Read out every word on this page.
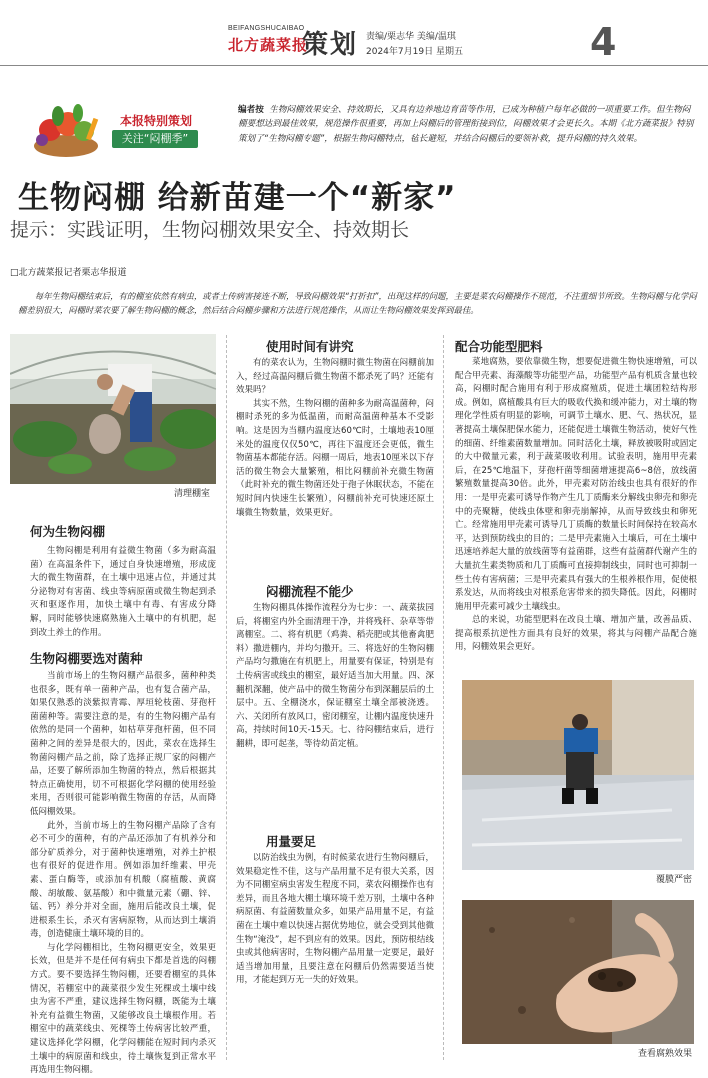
BEIFANGSHUCAIBAO
北方蔬菜报
策划 责编/栗志华 美编/温琪
2024年7月19日 星期五	4
本报特别策划
关注“闷棚季”
编者按 生物闷棚效果安全、持效期长，又具有边养地边育苗等作用，已成为种植户每年必做的一项重要工作。但生物闷棚要想达到最佳效果，规范操作很重要，再加上闷棚后的管理衔接到位，闷棚效果才会更长久。本期《北方蔬菜报》特别策划了“生物闷棚专题”，根据生物闷棚特点，毡长避短，并结合闷棚后的要领补救，提升闷棚的持久效果。
生物闷棚 给新苗建一个“新家”
提示：实践证明，生物闷棚效果安全、持效期长
□北方蔬菜报记者栗志华报道

每年生物闷棚结束后，有的棚室依然有病虫，或者土传病害接连不断，导致闷棚效果“打折扣”，出现这样的问题，主要是菜农闷棚操作不规范，不注重细节所致。生物闷棚与化学闷棚差别很大，闷棚时菜农要了解生物闷棚的概念，然后结合闷棚步骤和方法进行规范操作，从而让生物闷棚效果发挥到最佳。

清理棚室
何为生物闷棚

生物闷棚是利用有益微生物菌（多为耐高温菌）在高温条件下，通过自身快速增殖，形成庞大的微生物菌群，在土壤中迅速占位，并通过其分泌物对有害菌、线虫等病原菌或微生物起到杀灭和驱逐作用，加快土壤中有毒、有害成分降解，同时能够快速腐熟施入土壤中的有机肥，起到改土养土的作用。

生物闷棚要选对菌种

当前市场上的生物闷棚产品很多，菌种种类也很多，既有单一菌种产品，也有复合菌产品，如果仅熟悉的淡紫拟青霉、厚垣轮枝菌、芽孢杆菌菌种等。需要注意的是，有的生物闷棚产品有依然的是同一个菌种，如枯草芽孢杆菌，但不同菌种之间的差异是很大的，因此，菜农在选择生物菌闷棚产品之前，除了选择正规厂家的闷棚产品，还要了解所添加生物菌的特点，然后根据其特点正确使用，切不可根据化学闷棚的使用经验来用，否则很可能影响微生物菌的存活，从而降低闷棚效果。

此外，当前市场上的生物闷棚产品除了含有必不可少的菌种，有的产品还添加了有机养分和部分矿质养分，对于菌种快速增殖，对养土护根也有很好的促进作用。例如添加纤维素、甲壳素、蛋白酶等，或添加有机酸（腐植酸、黄腐酸、胡敏酸、氨基酸）和中微量元素（硼、锌、锰、钙）养分并对全面，施用后能改良土壤，促进根系生长，杀灭有害病原物，从而达到土壤消毒，创造健康土壤环境的目的。

与化学闷棚相比，生物闷棚更安全，效果更长效，但是并不是任何有病虫下都是首选的闷棚方式。要不要选择生物闷棚，还要看棚室的具体情况，若棚室中的蔬菜很少发生死棵或土壤中线虫为害不严重，建议选择生物闷棚，既能为土壤补充有益微生物菌，又能够改良土壤根作用。若棚室中的蔬菜线虫、死棵等土传病害比较严重，建议选择化学闷棚，化学闷棚能在短时间内杀灭土壤中的病原菌和线虫，待土壤恢复到正常水平再选用生物闷棚。

使用时间有讲究

有的菜农认为，生物闷棚时微生物菌在闷棚前加入，经过高温闷棚后微生物菌不都杀死了吗？还能有效果吗？

其实不然，生物闷棚的菌种多为耐高温菌种，闷棚时杀死的多为低温菌，而耐高温菌种基本不受影响。这是因为当棚内温度达60℃时，土壤地表10厘米处的温度仅仅50℃，再往下温度还会更低，微生物菌基本都能存活。闷棚一周后，地表10厘米以下存活的微生物会大量繁殖，相比闷棚前补充微生物菌（此时补充的微生物菌还处于孢子休眠状态，不能在短时间内快速生长繁殖），闷棚前补充可快速还原土壤微生物数量，效果更好。

闷棚流程不能少

生物闷棚具体操作流程分为七步：一、蔬菜拔园后，将棚室内外全面清理干净，并将残秆、杂草等带离棚室。二、将有机肥（鸡粪、稻壳肥或其他畜禽肥料）撒进棚内，并均匀撒开。三、将选好的生物闷棚产品均匀撒施在有机肥上，用量要有保证，特别是有土传病害或线虫的棚室，最好适当加大用量。四、深翻机深翻，使产品中的微生物菌分布到深翻层后的土层中。五、全棚浇水，保证棚室土壤全部被浇透。六、关闭所有放风口，密闭棚室，让棚内温度快速升高，持续时间10天-15天。七、待闷棚结束后，进行翻耕，即可起垄，等待幼苗定植。

用量要足

以防治线虫为例，有时候菜农进行生物闷棚后，效果稳定性不佳，这与产品用量不足有很大关系，因为不同棚室病虫害发生程度不同，菜农闷棚操作也有差异，而且各地大棚土壤环境千差万别，土壤中各种病原菌、有益菌数量众多，如果产品用量不足，有益菌在土壤中难以快速占据优势地位，就会受到其他微生物“淹没”，起不到应有的效果。因此，预防根结线虫或其他病害时，生物闷棚产品用量一定要足，最好适当增加用量，且要注意在闷棚后仍然需要适当使用，才能起到万无一失的好效果。

配合功能型肥料

菜地腐熟，要依靠微生物，想要促进微生物快速增殖，可以配合甲壳素、海藻酸等功能型产品，功能型产品有机质含量也较高，闷棚时配合施用有利于形成腐殖质，促进土壤团粒结构形成。例如，腐植酸具有巨大的吸收代换和缓冲能力，对土壤的物理化学性质有明显的影响，可调节土壤水、肥、气、热状况，显著提高土壤保肥保水能力，还能促进土壤微生物活动，使好气性的细菌、纤维素菌数量增加。同时活化土壤，释放被吸附或固定的大中微量元素，利于蔬菜吸收利用。试验表明，施用甲壳素后，在25℃地温下，芽孢杆菌等细菌增速提高6~8倍，放线菌繁殖数量提高30倍。此外，甲壳素对防治线虫也具有很好的作用：一是甲壳素可诱导作物产生几丁质酶来分解线虫卵壳和卵壳中的壳聚糖，使线虫体壁和卵壳崩解掉，从而导致线虫和卵死亡。经常施用甲壳素可诱导几丁质酶的数量长时间保持在较高水平，达到预防线虫的目的；二是甲壳素施入土壤后，可在土壤中迅速培养起大量的放线菌等有益菌群，这些有益菌群代谢产生的大量抗生素类物质和几丁质酶可直接抑制线虫，同时也可抑制一些土传有害病菌；三是甲壳素具有强大的生根养根作用，促使根系发达，从而将线虫对根系危害带来的损失降低。因此，闷棚时施用甲壳素可减少土壤线虫。

总的来说，功能型肥料在改良土壤、增加产量，改善品质、提高根系抗逆性方面具有良好的效果，将其与闷棚产品配合施用，闷棚效果会更好。

覆膜严密
查看腐熟效果
